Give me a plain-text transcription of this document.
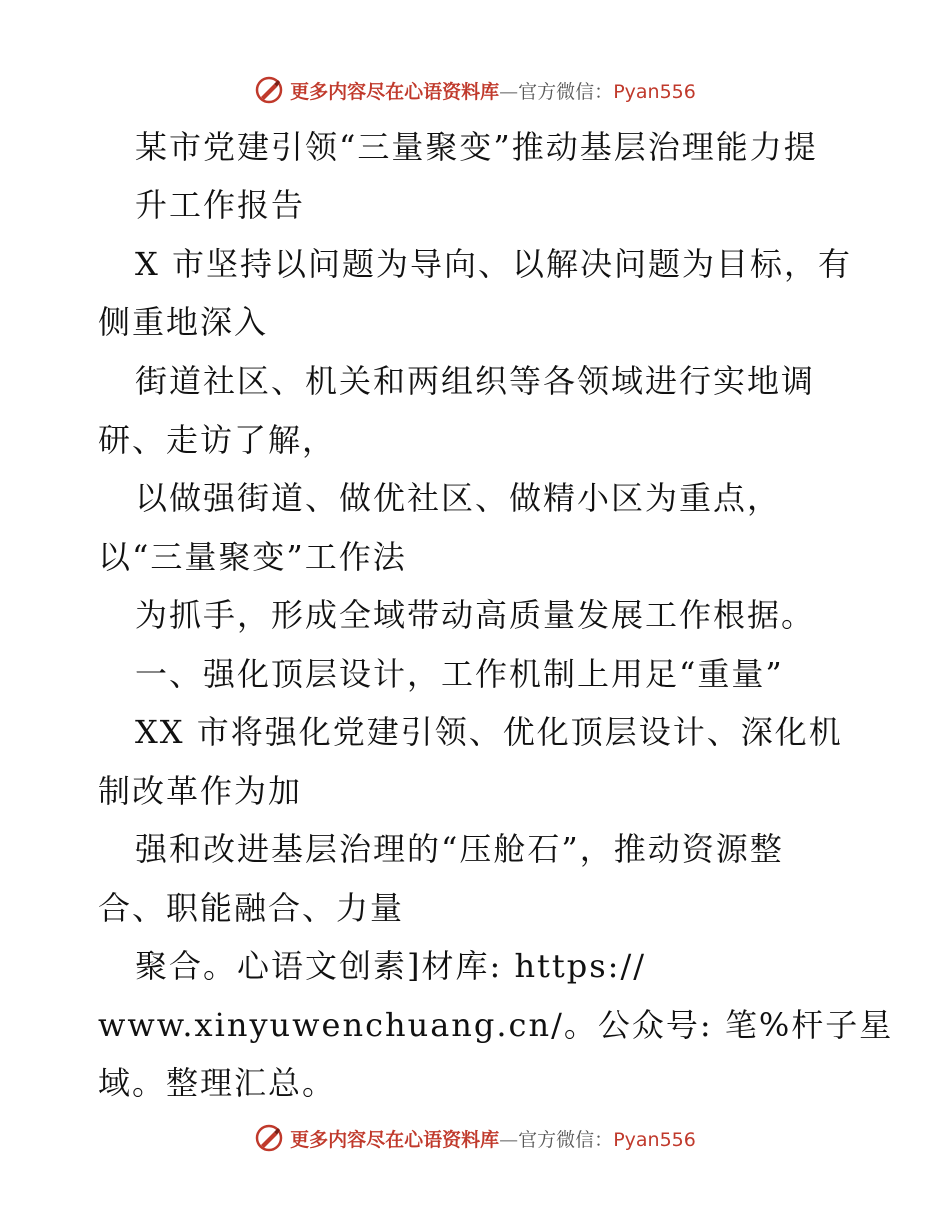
更多内容尽在心语资料库—官方微信：Pyan556
某市党建引领“三量聚变”推动基层治理能力提
升工作报告
X 市坚持以问题为导向、以解决问题为目标，有
侧重地深入
街道社区、机关和两组织等各领域进行实地调
研、走访了解，
以做强街道、做优社区、做精小区为重点，
以“三量聚变”工作法
为抓手，形成全域带动高质量发展工作根据。
一、强化顶层设计，工作机制上用足“重量”
XX 市将强化党建引领、优化顶层设计、深化机
制改革作为加
强和改进基层治理的“压舱石”，推动资源整
合、职能融合、力量
聚合。心语文创素]材库: https://
www.xinyuwenchuang.cn/。公众号: 笔%杆子星
域。整理汇总。
更多内容尽在心语资料库—官方微信：Pyan556
